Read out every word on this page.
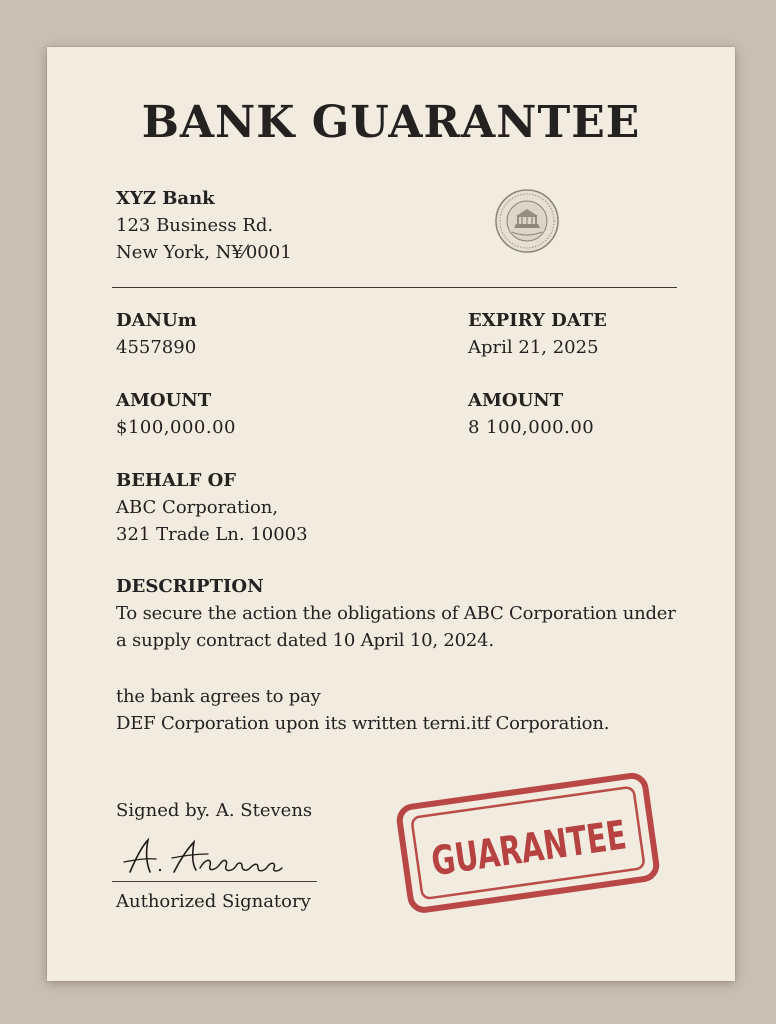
BANK GUARANTEE
XYZ Bank
123 Business Rd.
New York, N¥⁄0001
DANUm
4557890
EXPIRY DATE
April 21, 2025
AMOUNT
$100,000.00
AMOUNT
8 100,000.00
BEHALF OF
ABC Corporation,
321 Trade Ln. 10003
DESCRIPTION
To secure the action the obligations of ABC Corporation under
a supply contract dated 10 April 10, 2024.
the bank agrees to pay
DEF Corporation upon its written terni.itf Corporation.
Signed by. A. Stevens
Authorized Signatory
GUARANTEE
